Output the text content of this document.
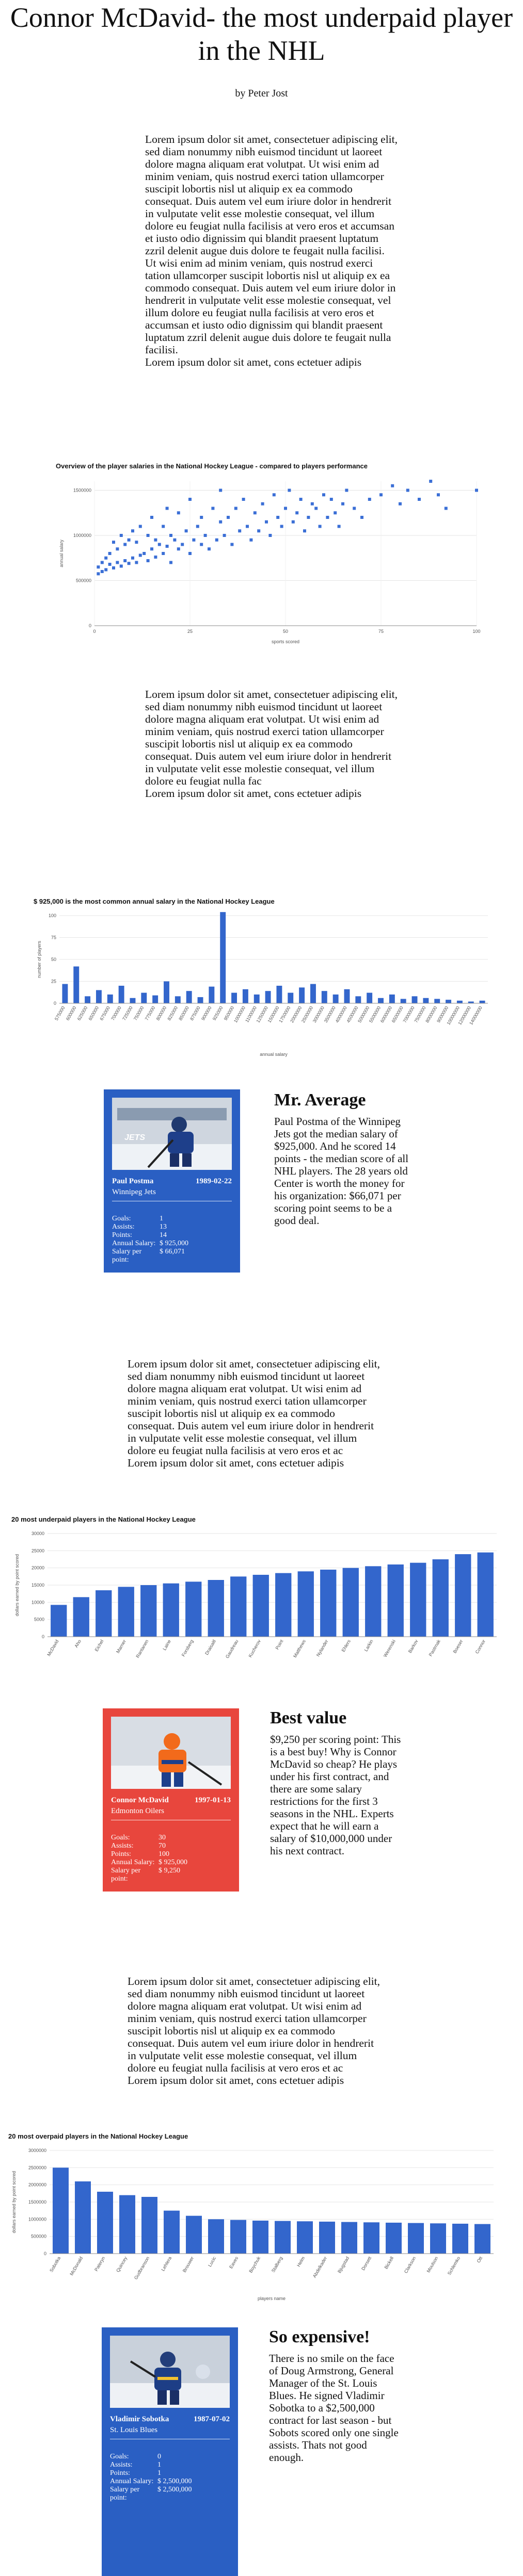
Connor McDavid- the most underpaid player in the NHL
by Peter Jost
Lorem ipsum dolor sit amet, consectetuer adipiscing elit, sed diam nonummy nibh euismod tincidunt ut laoreet dolore magna aliquam erat volutpat. Ut wisi enim ad minim veniam, quis nostrud exerci tation ullamcorper suscipit lobortis nisl ut aliquip ex ea commodo consequat. Duis autem vel eum iriure dolor in hendrerit in vulputate velit esse molestie consequat, vel illum dolore eu feugiat nulla facilisis at vero eros et accumsan et iusto odio dignissim qui blandit praesent luptatum zzril delenit augue duis dolore te feugait nulla facilisi. Ut wisi enim ad minim veniam, quis nostrud exerci tation ullamcorper suscipit lobortis nisl ut aliquip ex ea commodo consequat. Duis autem vel eum iriure dolor in hendrerit in vulputate velit esse molestie consequat, vel illum dolore eu feugiat nulla facilisis at vero eros et accumsan et iusto odio dignissim qui blandit praesent luptatum zzril delenit augue duis dolore te feugait nulla facilisi.
Lorem ipsum dolor sit amet, cons ectetuer adipis
Overview of the player salaries in the National Hockey League - compared to players performance
0
500000
1000000
1500000
0	25	50	75	100
sports scored
annual salary
Lorem ipsum dolor sit amet, consectetuer adipiscing elit, sed diam nonummy nibh euismod tincidunt ut laoreet dolore magna aliquam erat volutpat. Ut wisi enim ad minim veniam, quis nostrud exerci tation ullamcorper suscipit lobortis nisl ut aliquip ex ea commodo consequat. Duis autem vel eum iriure dolor in hendrerit in vulputate velit esse molestie consequat, vel illum dolore eu feugiat nulla fac
Lorem ipsum dolor sit amet, cons ectetuer adipis
$ 925,000 is the most common annual salary in the National Hockey League
0
25
50
75
100
575000
600000
625000
650000
675000
700000
725000
750000
775000
800000
825000
850000
875000
900000
925000
950000
1000000
1100000
1250000
1500000
1750000
2000000
2500000
3000000
3500000
4000000
4500000
5000000
5500000
6000000
6500000
7000000
7500000
8000000
9000000
10000000
12000000
14000000
annual salary
number of players
JETS
Paul Postma	1989-02-22
Winnipeg Jets
Goals:	1
Assists:	13
Points:	14
Annual Salary: $ 925,000
Salary per point:
$ 66,071
Mr. Average
Paul Postma of the Winnipeg Jets got the median salary of $925,000. And he scored 14 points - the median score of all NHL players. The 28 years old Center is worth the money for his organization: $66,071 per scoring point seems to be a good deal.
Lorem ipsum dolor sit amet, consectetuer adipiscing elit, sed diam nonummy nibh euismod tincidunt ut laoreet dolore magna aliquam erat volutpat. Ut wisi enim ad minim veniam, quis nostrud exerci tation ullamcorper suscipit lobortis nisl ut aliquip ex ea commodo consequat. Duis autem vel eum iriure dolor in hendrerit in vulputate velit esse molestie consequat, vel illum dolore eu feugiat nulla facilisis at vero eros et ac
Lorem ipsum dolor sit amet, cons ectetuer adipis
20 most underpaid players in the National Hockey League
0
5000
10000
15000
20000
25000
30000
McDavid	Aho	Eichel Marner Rantanen	Laine Forsberg Draisaitl Gaudreau Kucherov	Point Matthews Nylander Ehlers	Larkin Werenski Barkov Pastrnak Boeser Connor
dollars earned by point scored
Connor McDavid	1997-01-13
Edmonton Oilers
Goals:	30
Assists:	70
Points:	100
Annual Salary: $ 925,000
Salary per point:
$ 9,250
Best value
$9,250 per scoring point: This is a best buy! Why is Connor McDavid so cheap? He plays under his first contract, and there are some salary restrictions for the first 3 seasons in the NHL. Experts expect that he will earn a salary of $10,000,000 under his next contract.
Lorem ipsum dolor sit amet, consectetuer adipiscing elit, sed diam nonummy nibh euismod tincidunt ut laoreet dolore magna aliquam erat volutpat. Ut wisi enim ad minim veniam, quis nostrud exerci tation ullamcorper suscipit lobortis nisl ut aliquip ex ea commodo consequat. Duis autem vel eum iriure dolor in hendrerit in vulputate velit esse molestie consequat, vel illum dolore eu feugiat nulla facilisis at vero eros et ac
Lorem ipsum dolor sit amet, cons ectetuer adipis
20 most overpaid players in the National Hockey League
0
500000
1000000
1500000
2000000
2500000
3000000
Sobotka McDonald Pateryn Quincey Gudbranson Lehtera Brouwer	Lucic Eaves Boychuk Stalberg	Helm Abdelkader Bjugstad Dorsett Bickell Clarkson Moulson Schlemko	Ott
players name
dollars earned by point scored
Vladimir Sobotka	1987-07-02
St. Louis Blues
Goals:	0
Assists:	1
Points:	1
Annual Salary: $ 2,500,000
Salary per point:
$ 2,500,000
So expensive!
There is no smile on the face of Doug Armstrong, General Manager of the St. Louis Blues. He signed Vladimir Sobotka to a $2,500,000 contract for last season - but Sobots scored only one single assists. Thats not good enough.
